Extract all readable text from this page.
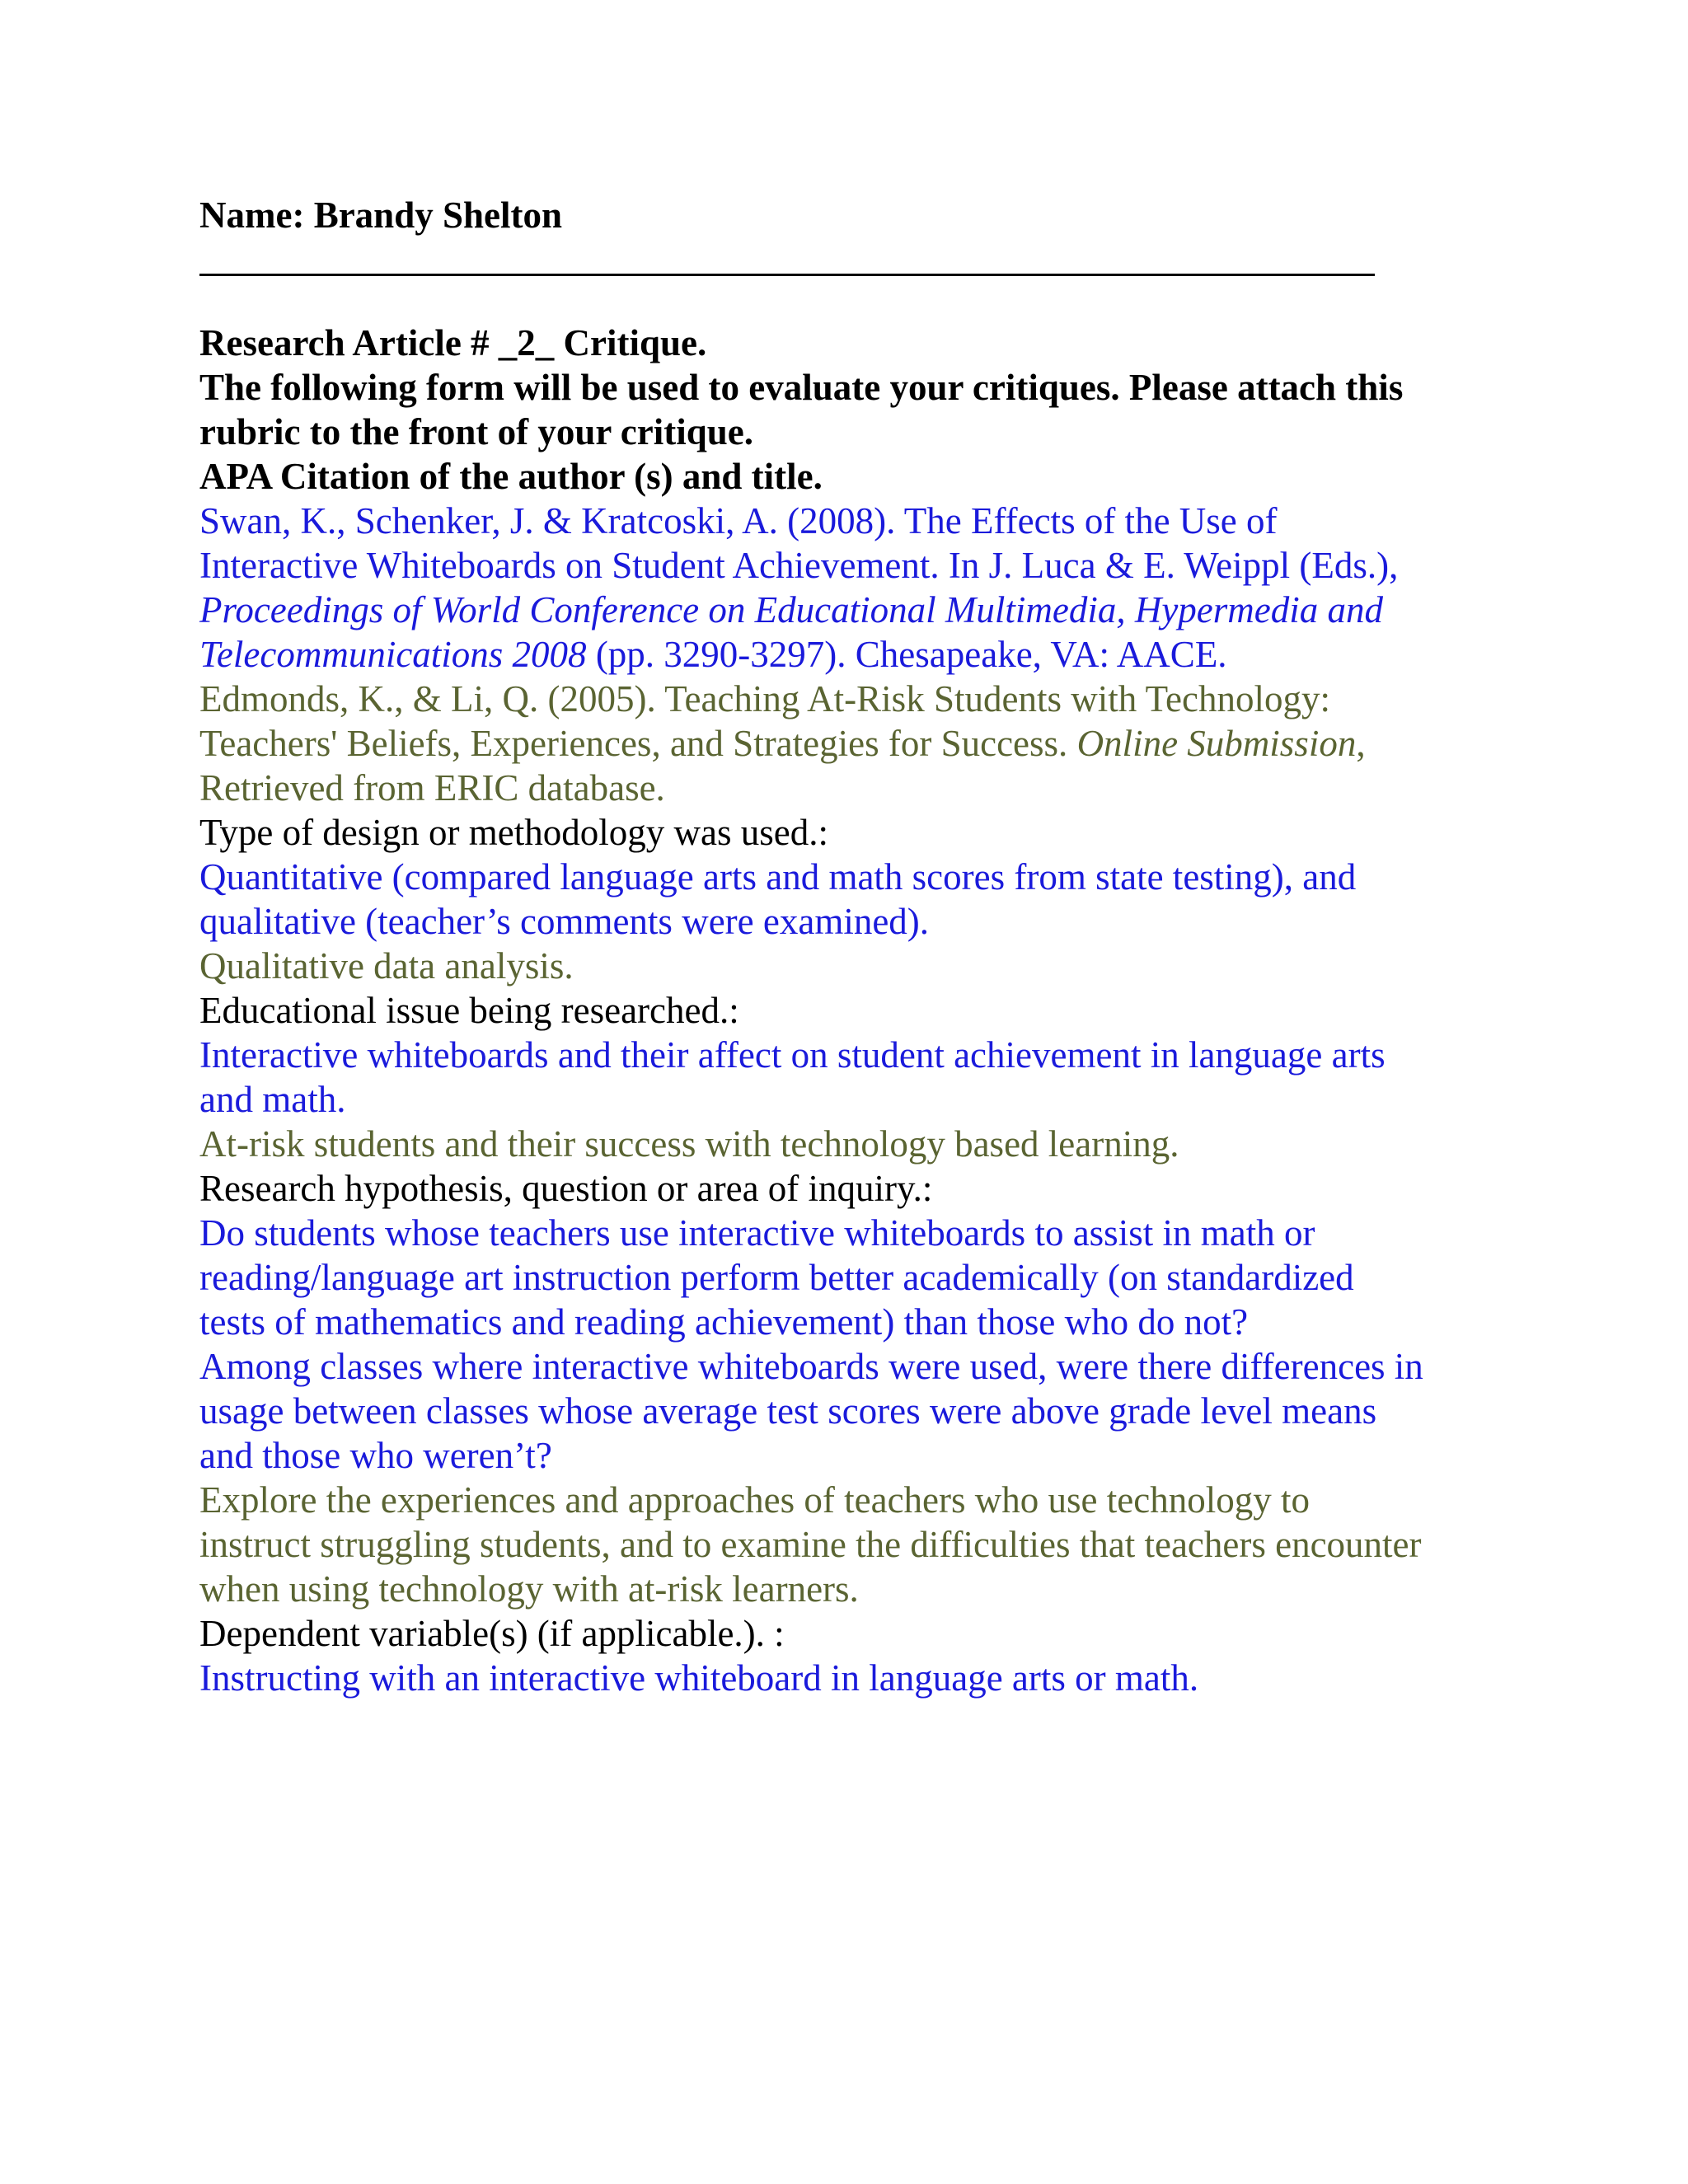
Name: Brandy Shelton

Research Article # _2_ Critique.

The following form will be used to evaluate your critiques. Please attach this

rubric to the front of your critique.

APA Citation of the author (s) and title.

Swan, K., Schenker, J. & Kratcoski, A. (2008). The Effects of the Use of

Interactive Whiteboards on Student Achievement. In J. Luca & E. Weippl (Eds.),

Proceedings of World Conference on Educational Multimedia, Hypermedia and

Telecommunications 2008 (pp. 3290-3297). Chesapeake, VA: AACE.

Edmonds, K., & Li, Q. (2005). Teaching At-Risk Students with Technology:

Teachers' Beliefs, Experiences, and Strategies for Success. Online Submission,

Retrieved from ERIC database.

Type of design or methodology was used.:

Quantitative (compared language arts and math scores from state testing), and

qualitative (teacher’s comments were examined).

Qualitative data analysis.

Educational issue being researched.:

Interactive whiteboards and their affect on student achievement in language arts

and math.

At-risk students and their success with technology based learning.

Research hypothesis, question or area of inquiry.:

Do students whose teachers use interactive whiteboards to assist in math or

reading/language art instruction perform better academically (on standardized

tests of mathematics and reading achievement) than those who do not?

Among classes where interactive whiteboards were used, were there differences in

usage between classes whose average test scores were above grade level means

and those who weren’t?

Explore the experiences and approaches of teachers who use technology to

instruct struggling students, and to examine the difficulties that teachers encounter

when using technology with at-risk learners.

Dependent variable(s) (if applicable.). :

Instructing with an interactive whiteboard in language arts or math.
